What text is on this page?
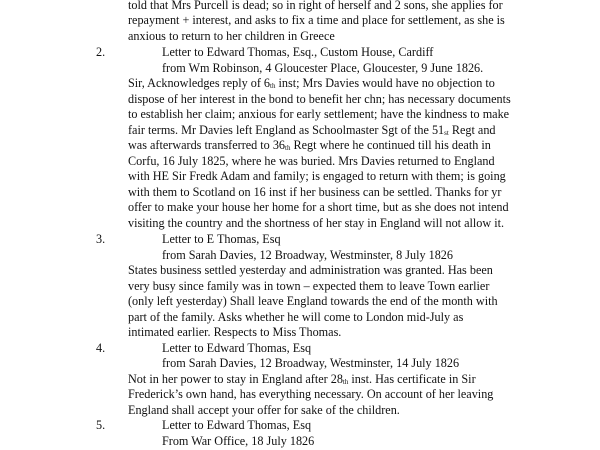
told that Mrs Purcell is dead; so in right of herself and 2 sons, she applies for
repayment + interest, and asks to fix a time and place for settlement, as she is
anxious to return to her children in Greece
2.	Letter to Edward Thomas, Esq., Custom House, Cardiff
from Wm Robinson, 4 Gloucester Place, Gloucester, 9 June 1826.
Sir, Acknowledges reply of $6_{th}$ inst; Mrs Davies would have no objection to
dispose of her interest in the bond to benefit her chn; has necessary documents
to establish her claim; anxious for early settlement; have the kindness to make
fair terms. Mr Davies left England as Schoolmaster Sgt of the $51_{st}$ Regt and
was afterwards transferred to $36_{th}$ Regt where he continued till his death in
Corfu, 16 July 1825, where he was buried. Mrs Davies returned to England
with HE Sir Fredk Adam and family; is engaged to return with them; is going
with them to Scotland on 16 inst if her business can be settled. Thanks for yr
offer to make your house her home for a short time, but as she does not intend
visiting the country and the shortness of her stay in England will not allow it.
3.	Letter to E Thomas, Esq
from Sarah Davies, 12 Broadway, Westminster, 8 July 1826
States business settled yesterday and administration was granted. Has been
very busy since family was in town – expected them to leave Town earlier
(only left yesterday) Shall leave England towards the end of the month with
part of the family. Asks whether he will come to London mid-July as
intimated earlier. Respects to Miss Thomas.
4.	Letter to Edward Thomas, Esq
from Sarah Davies, 12 Broadway, Westminster, 14 July 1826
Not in her power to stay in England after $28_{th}$ inst. Has certificate in Sir
Frederick’s own hand, has everything necessary. On account of her leaving
England shall accept your offer for sake of the children.
5.	Letter to Edward Thomas, Esq
From War Office, 18 July 1826
